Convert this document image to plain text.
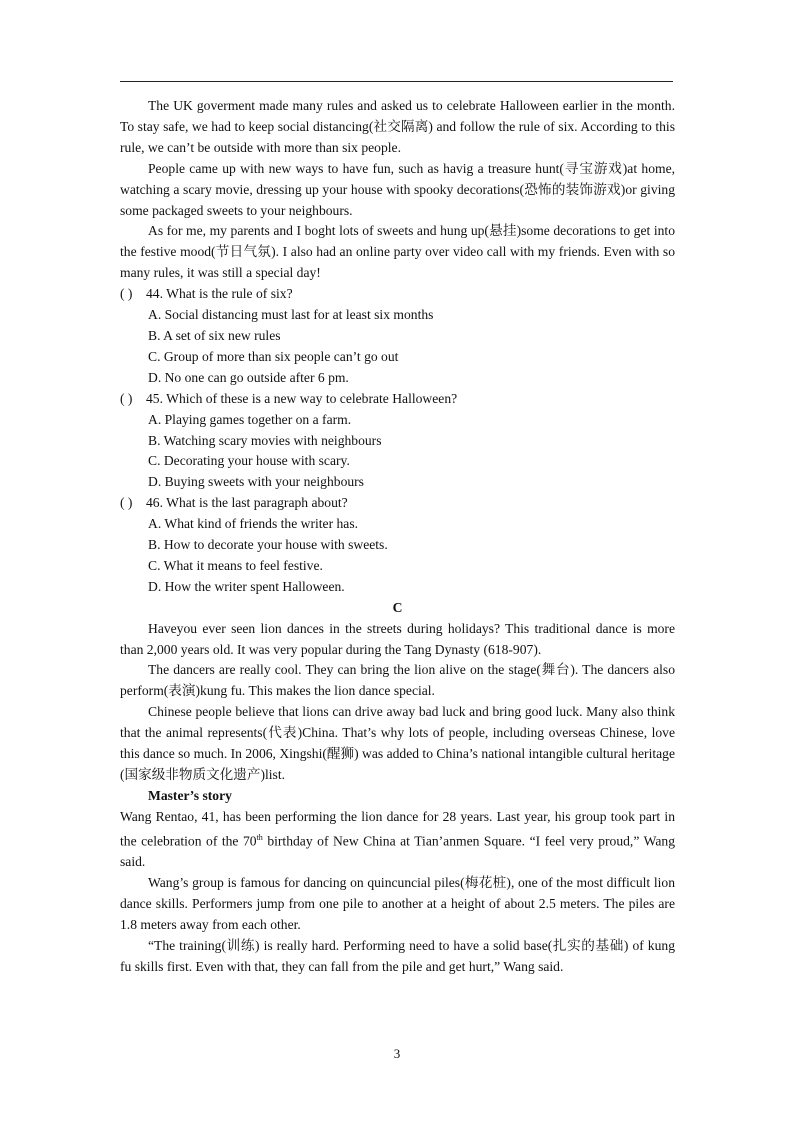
The UK goverment made many rules and asked us to celebrate Halloween earlier in the month. To stay safe, we had to keep social distancing(社交隔离) and follow the rule of six. According to this rule, we can’t be outside with more than six people.

People came up with new ways to have fun, such as havig a treasure hunt(寻宝游戏)at home, watching a scary movie, dressing up your house with spooky decorations(恐怖的装饰游戏)or giving some packaged sweets to your neighbours.

As for me, my parents and I boght lots of sweets and hung up(悬挂)some decorations to get into the festive mood(节日气氛). I also had an online party over video call with my friends. Even with so many rules, it was still a special day!

( ) 44. What is the rule of six?

A. Social distancing must last for at least six months

B. A set of six new rules

C. Group of more than six people can’t go out

D. No one can go outside after 6 pm.

( ) 45. Which of these is a new way to celebrate Halloween?

A. Playing games together on a farm.

B. Watching scary movies with neighbours

C. Decorating your house with scary.

D. Buying sweets with your neighbours

( ) 46. What is the last paragraph about?

A. What kind of friends the writer has.

B. How to decorate your house with sweets.

C. What it means to feel festive.

D. How the writer spent Halloween.

C

Haveyou ever seen lion dances in the streets during holidays? This traditional dance is more than 2,000 years old. It was very popular during the Tang Dynasty (618-907).

The dancers are really cool. They can bring the lion alive on the stage(舞台). The dancers also perform(表演)kung fu. This makes the lion dance special.

Chinese people believe that lions can drive away bad luck and bring good luck. Many also think that the animal represents(代表)China. That’s why lots of people, including overseas Chinese, love this dance so much. In 2006, Xingshi(醒狮) was added to China’s national intangible cultural heritage (国家级非物质文化遗产)list.

Master’s story

Wang Rentao, 41, has been performing the lion dance for 28 years. Last year, his group took part in the celebration of the 70th birthday of New China at Tian’anmen Square. “I feel very proud,” Wang said.

Wang’s group is famous for dancing on quincuncial piles(梅花桩), one of the most difficult lion dance skills. Performers jump from one pile to another at a height of about 2.5 meters. The piles are 1.8 meters away from each other.

“The training(训练) is really hard. Performing need to have a solid base(扎实的基础) of kung fu skills first. Even with that, they can fall from the pile and get hurt,” Wang said.

3
